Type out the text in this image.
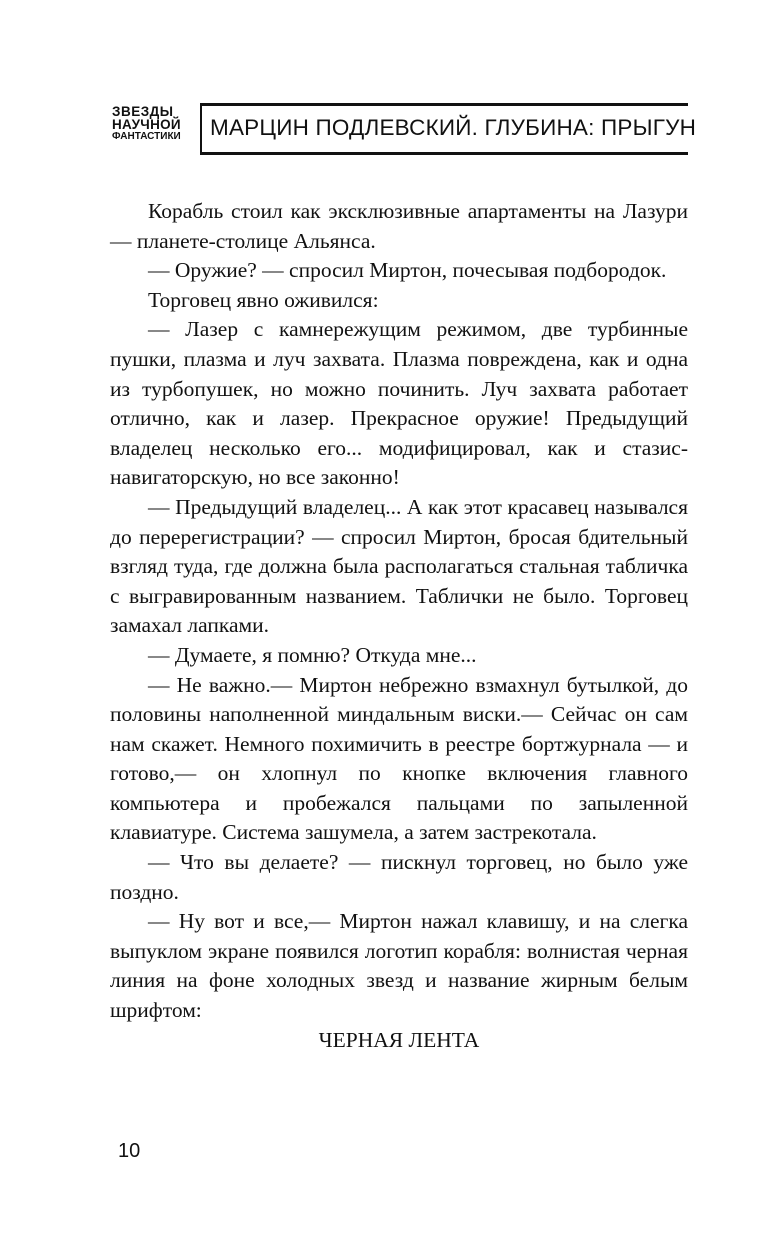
ЗВЕЗДЫ
НАУЧНОЙ
ФАНТАСТИКИ МАРЦИН ПОДЛЕВСКИЙ. ГЛУБИНА: ПРЫГУН

Корабль стоил как эксклюзивные апартаменты на Лазури — планете-столице Альянса.

— Оружие? — спросил Миртон, почесывая подбородок.

Торговец явно оживился:

— Лазер с камнережущим режимом, две турбинные пушки, плазма и луч захвата. Плазма повреждена, как и одна из турбопушек, но можно починить. Луч захвата работает отлично, как и лазер. Прекрасное оружие! Предыдущий владелец несколько его... модифицировал, как и стазис-навигаторскую, но все законно!

— Предыдущий владелец... А как этот красавец назывался до перерегистрации? — спросил Миртон, бросая бдительный взгляд туда, где должна была располагаться стальная табличка с выгравированным названием. Таблички не было. Торговец замахал лапками.

— Думаете, я помню? Откуда мне...

— Не важно.— Миртон небрежно взмахнул бутылкой, до половины наполненной миндальным виски.— Сейчас он сам нам скажет. Немного похимичить в реестре бортжурнала — и готово,— он хлопнул по кнопке включения главного компьютера и пробежался пальцами по запыленной клавиатуре. Система зашумела, а затем застрекотала.

— Что вы делаете? — пискнул торговец, но было уже поздно.

— Ну вот и все,— Миртон нажал клавишу, и на слегка выпуклом экране появился логотип корабля: волнистая черная линия на фоне холодных звезд и название жирным белым шрифтом:

ЧЕРНАЯ ЛЕНТА

10
